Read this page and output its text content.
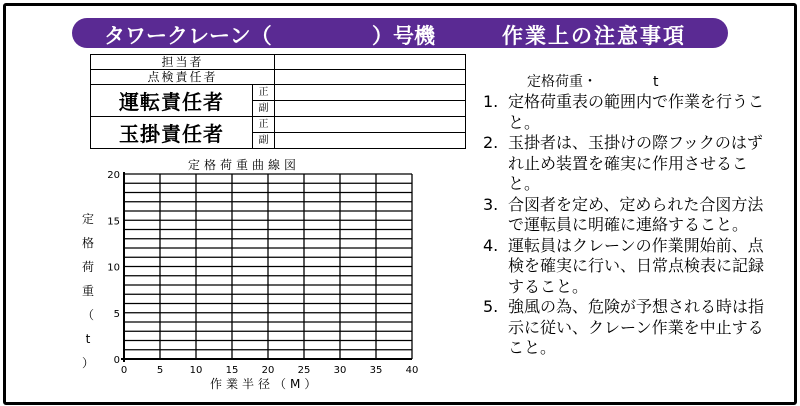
タワークレーン（	）号機	作業上の注意事項
担当者		
点検責任者		
運転責任者	正	
	副	
玉掛責任者	正	
	副	
定格荷重曲線図
0	5	10 15 20 25 30 35 40
0
5
10
15
20
定
格
荷
重
（
t
）
作業半径（M）
定格荷重・	t
1. 定格荷重表の範囲内で作業を行うこと。
2. 玉掛者は、玉掛けの際フックのはずれ止め装置を確実に作用させること。
3. 合図者を定め、定められた合図方法で運転員に明確に連絡すること。
4. 運転員はクレーンの作業開始前、点検を確実に行い、日常点検表に記録すること。
5. 強風の為、危険が予想される時は指示に従い、クレーン作業を中止すること。
